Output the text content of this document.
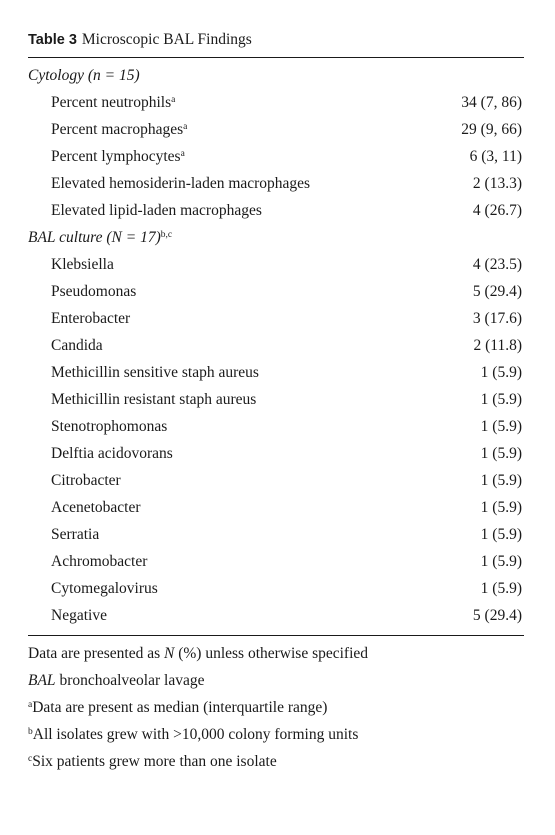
Table 3 Microscopic BAL Findings
Cytology (n = 15)
Percent neutrophils$^a$	34 (7, 86)
Percent macrophages$^a$	29 (9, 66)
Percent lymphocytes$^a$	6 (3, 11)
Elevated hemosiderin-laden macrophages	2 (13.3)
Elevated lipid-laden macrophages	4 (26.7)
BAL culture (N = 17)$^{b,c}$
Klebsiella	4 (23.5)
Pseudomonas	5 (29.4)
Enterobacter	3 (17.6)
Candida	2 (11.8)
Methicillin sensitive staph aureus	1 (5.9)
Methicillin resistant staph aureus	1 (5.9)
Stenotrophomonas	1 (5.9)
Delftia acidovorans	1 (5.9)
Citrobacter	1 (5.9)
Acenetobacter	1 (5.9)
Serratia	1 (5.9)
Achromobacter	1 (5.9)
Cytomegalovirus	1 (5.9)
Negative	5 (29.4)
Data are presented as N (%) unless otherwise specified
BAL bronchoalveolar lavage
$^a$Data are present as median (interquartile range)
$^b$All isolates grew with >10,000 colony forming units
$^c$Six patients grew more than one isolate
